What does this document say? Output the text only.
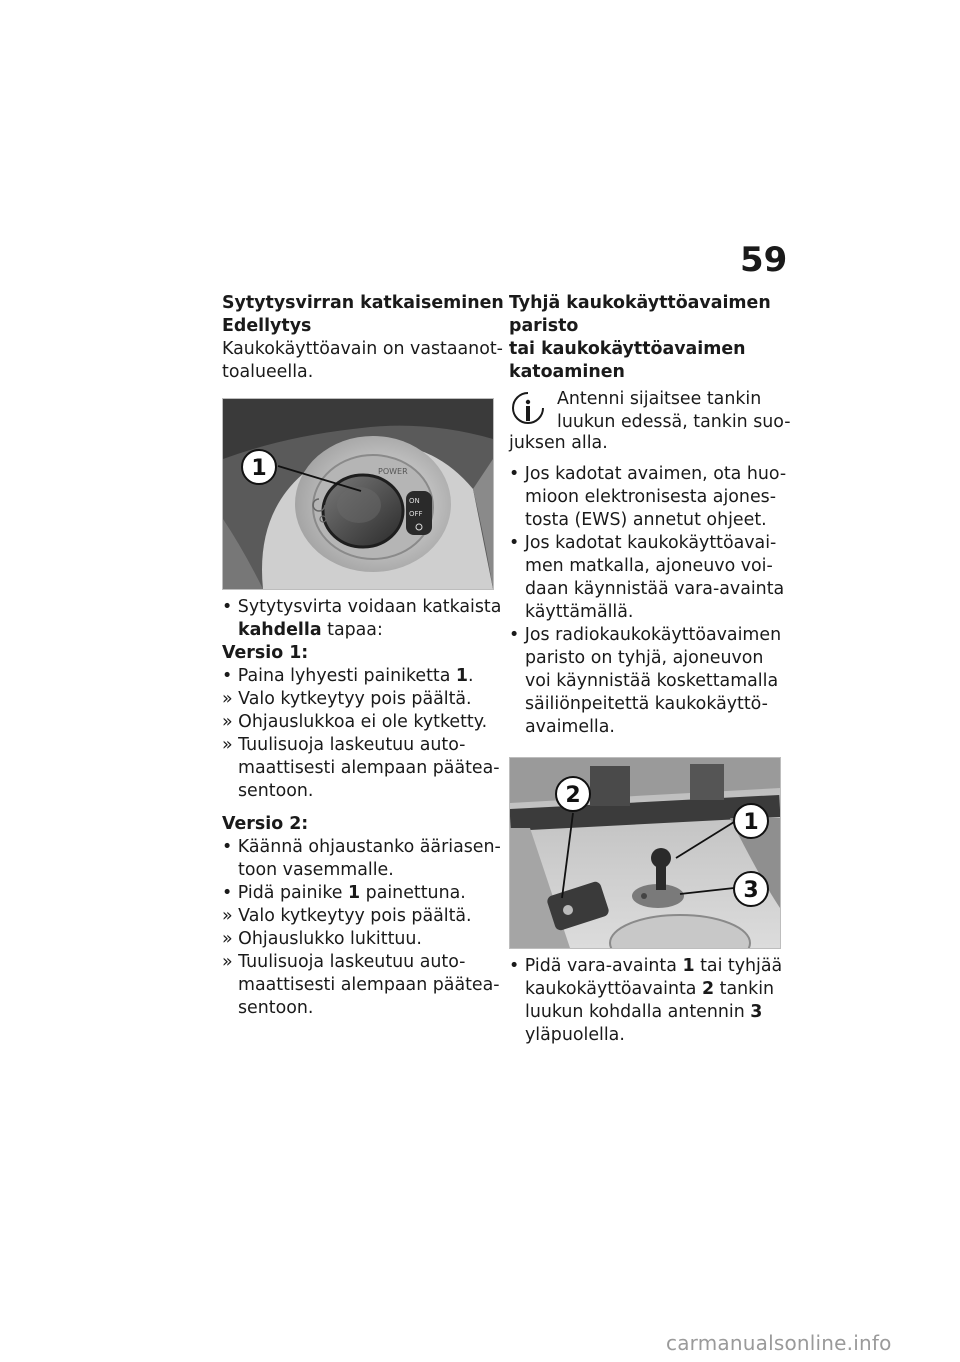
59
Sytytysvirran katkaiseminen
Edellytys

Kaukokäyttöavain on vastaanot-

toalueella.

POWER
ON
OFF
1

• Sytytysvirta voidaan katkaista

kahdella tapaa:

Versio 1:

• Paina lyhyesti painiketta 1.

» Valo kytkeytyy pois päältä.

» Ohjauslukkoa ei ole kytketty.

» Tuulisuoja laskeutuu auto-

maattisesti alempaan päätea-

sentoon.

Versio 2:

• Käännä ohjaustanko ääriasen-

toon vasemmalle.

• Pidä painike 1 painettuna.

» Valo kytkeytyy pois päältä.

» Ohjauslukko lukittuu.

» Tuulisuoja laskeutuu auto-

maattisesti alempaan päätea-

sentoon.

Tyhjä kaukokäyttöavaimen
paristo
tai kaukokäyttöavaimen
katoaminen

Antenni sijaitsee tankin

luukun edessä, tankin suo-

juksen alla.

• Jos kadotat avaimen, ota huo-

mioon elektronisesta ajones-

tosta (EWS) annetut ohjeet.

• Jos kadotat kaukokäyttöavai-

men matkalla, ajoneuvo voi-

daan käynnistää vara-avainta

käyttämällä.

• Jos radiokaukokäyttöavaimen

paristo on tyhjä, ajoneuvon

voi käynnistää koskettamalla

säiliönpeitettä kaukokäyttö-

avaimella.

2
1
3

• Pidä vara-avainta 1 tai tyhjää

kaukokäyttöavainta 2 tankin

luukun kohdalla antennin 3

yläpuolella.

carmanualsonline.info
